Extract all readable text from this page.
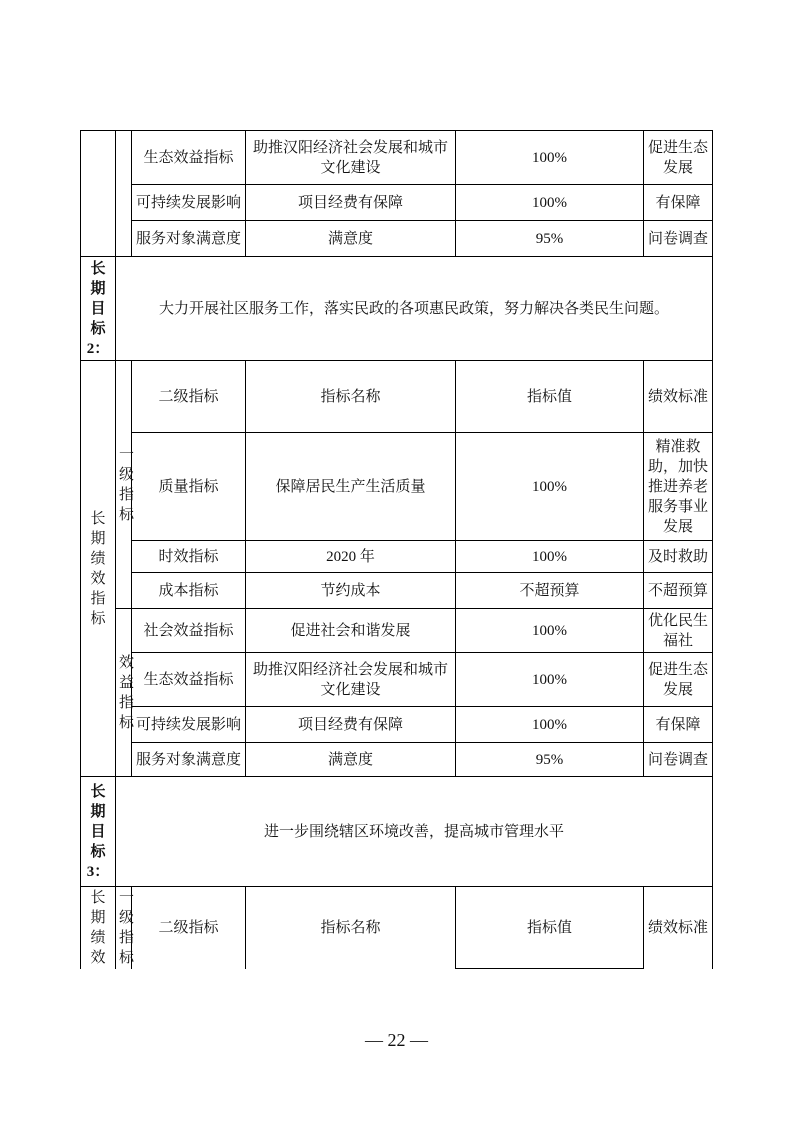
		生态效益指标	助推汉阳经济社会发展和城市文化建设	100%	促进生态发展
		可持续发展影响	项目经费有保障	100%	有保障
		服务对象满意度	满意度	95%	问卷调查
长期目标2：	大力开展社区服务工作，落实民政的各项惠民政策，努力解决各类民生问题。				
长期绩效指标	一级指标	二级指标	指标名称	指标值	绩效标准
		质量指标	保障居民生产生活质量	100%	精准救助，加快推进养老服务事业发展
		时效指标	2020 年	100%	及时救助
		成本指标	节约成本	不超预算	不超预算
	效益指标	社会效益指标	促进社会和谐发展	100%	优化民生福社
		生态效益指标	助推汉阳经济社会发展和城市文化建设	100%	促进生态发展
		可持续发展影响	项目经费有保障	100%	有保障
		服务对象满意度	满意度	95%	问卷调查
长期目标3：	进一步围绕辖区环境改善，提高城市管理水平				
长期绩效	一级指标	二级指标	指标名称	指标值	绩效标准
— 22 —
